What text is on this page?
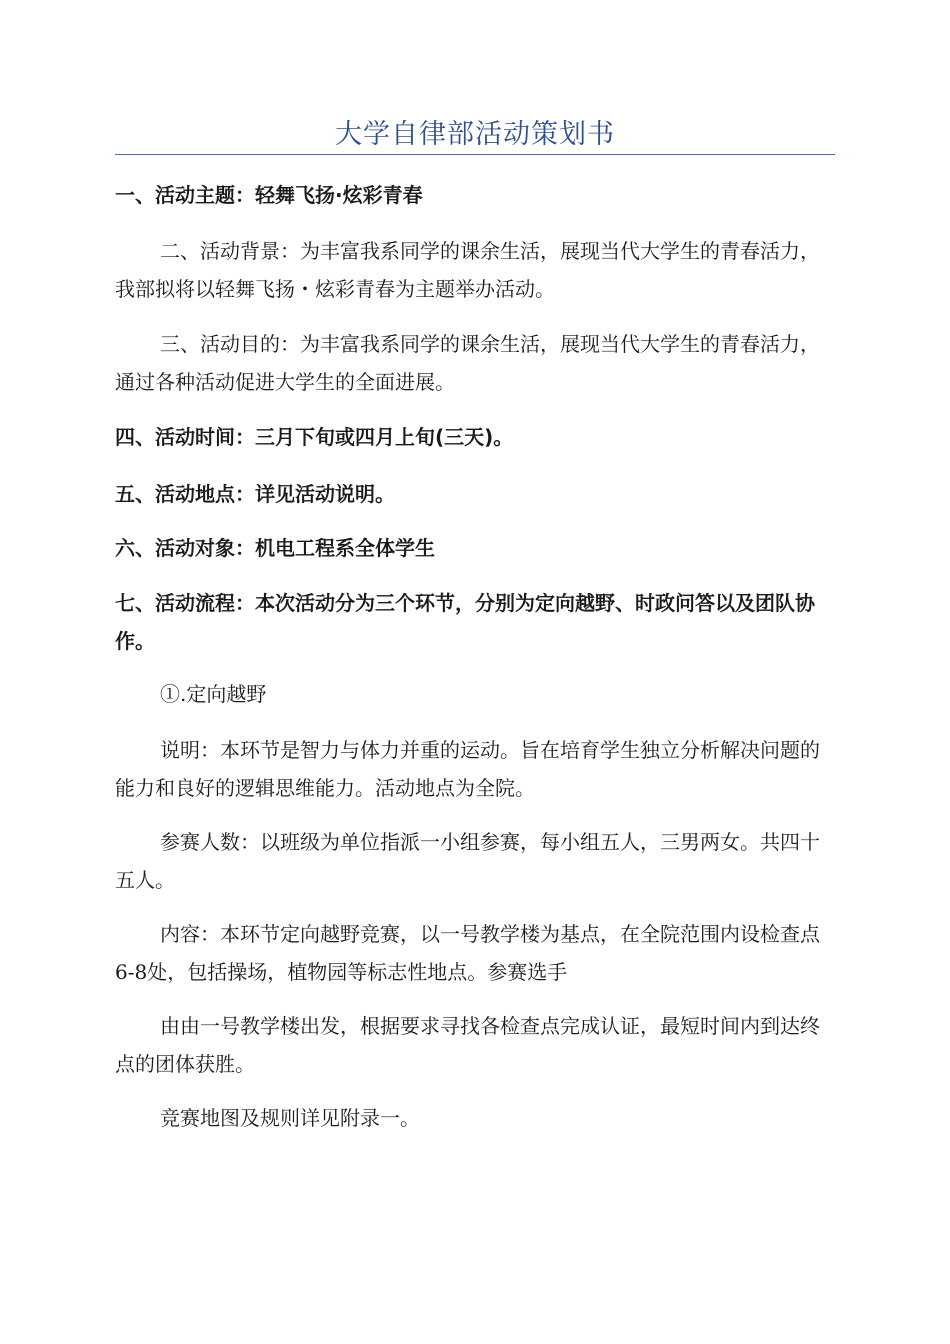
大学自律部活动策划书
一、活动主题：轻舞飞扬·炫彩青春
二、活动背景：为丰富我系同学的课余生活，展现当代大学生的青春活力，我部拟将以轻舞飞扬・炫彩青春为主题举办活动。
三、活动目的：为丰富我系同学的课余生活，展现当代大学生的青春活力，通过各种活动促进大学生的全面进展。
四、活动时间：三月下旬或四月上旬(三天)。
五、活动地点：详见活动说明。
六、活动对象：机电工程系全体学生
七、活动流程：本次活动分为三个环节，分别为定向越野、时政问答以及团队协作。
①.定向越野
说明：本环节是智力与体力并重的运动。旨在培育学生独立分析解决问题的能力和良好的逻辑思维能力。活动地点为全院。
参赛人数：以班级为单位指派一小组参赛，每小组五人，三男两女。共四十五人。
内容：本环节定向越野竞赛，以一号教学楼为基点，在全院范围内设检查点6-8处，包括操场，植物园等标志性地点。参赛选手
由由一号教学楼出发，根据要求寻找各检查点完成认证，最短时间内到达终点的团体获胜。
竞赛地图及规则详见附录一。
